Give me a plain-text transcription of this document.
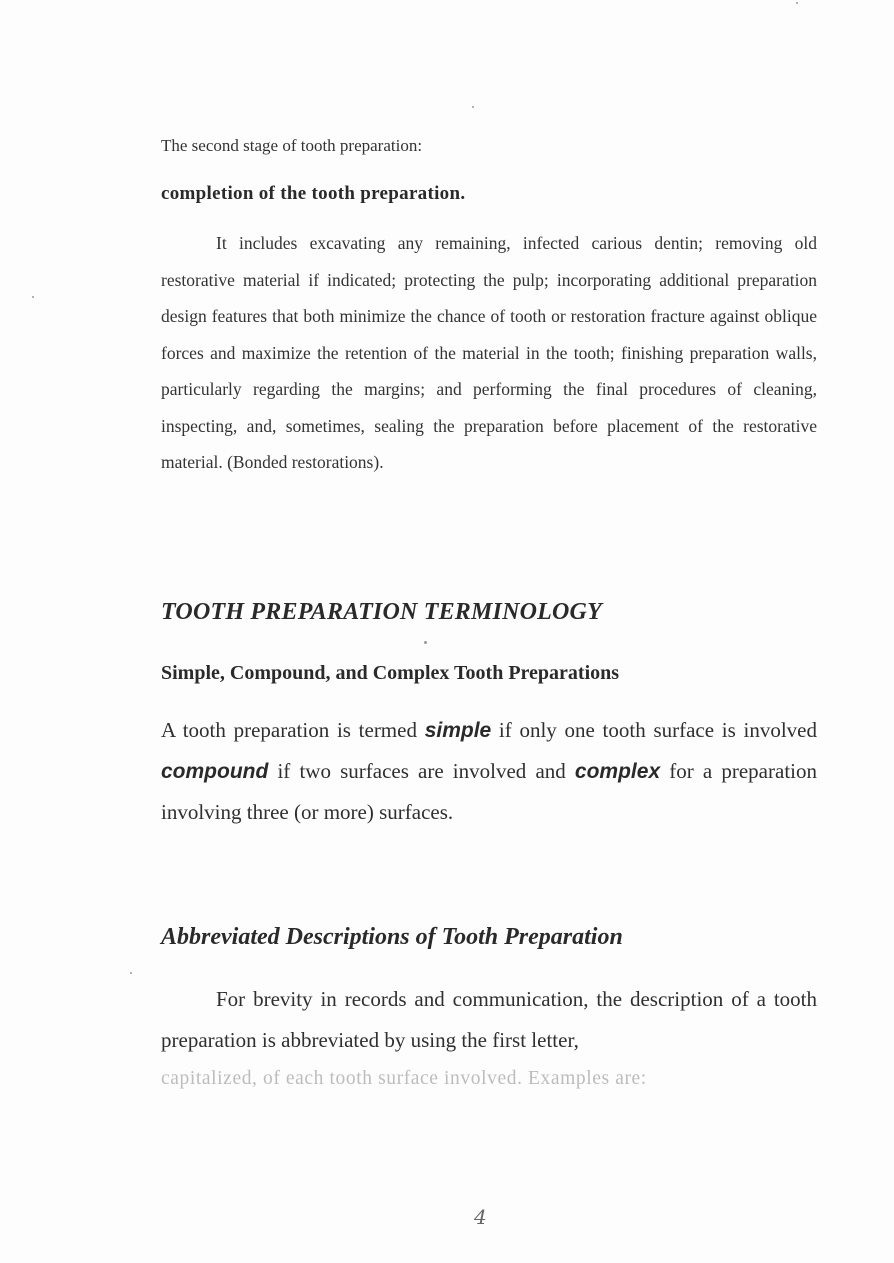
The second stage of tooth preparation:

completion of the tooth preparation.

It includes excavating any remaining, infected carious dentin; removing old restorative material if indicated; protecting the pulp; incorporating additional preparation design features that both minimize the chance of tooth or restoration fracture against oblique forces and maximize the retention of the material in the tooth; finishing preparation walls, particularly regarding the margins; and performing the final procedures of cleaning, inspecting, and, sometimes, sealing the preparation before placement of the restorative material. (Bonded restorations).

TOOTH PREPARATION TERMINOLOGY
Simple, Compound, and Complex Tooth Preparations

A tooth preparation is termed simple if only one tooth surface is involved compound if two surfaces are involved and complex for a preparation involving three (or more) surfaces.

Abbreviated Descriptions of Tooth Preparation

For brevity in records and communication, the description of a tooth preparation is abbreviated by using the first letter,

capitalized, of each tooth surface involved. Examples are:

4
